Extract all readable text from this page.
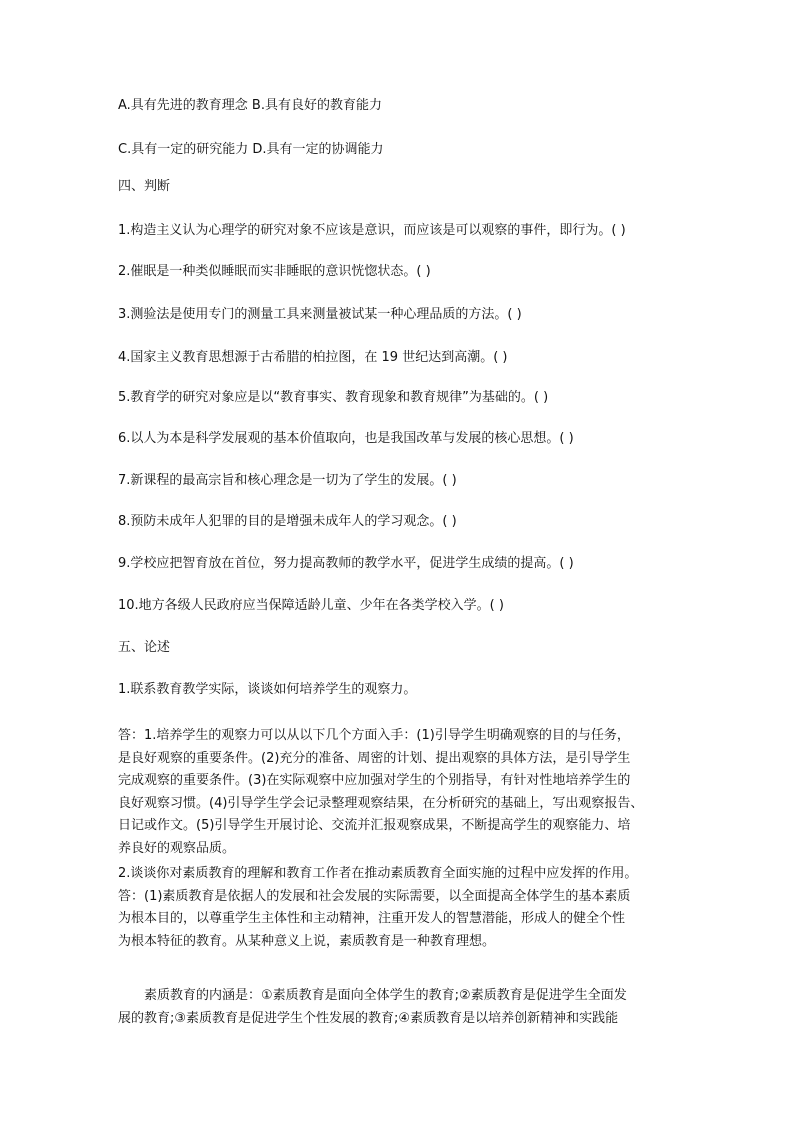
A.具有先进的教育理念 B.具有良好的教育能力
C.具有一定的研究能力 D.具有一定的协调能力
四、判断
1.构造主义认为心理学的研究对象不应该是意识，而应该是可以观察的事件，即行为。( )
2.催眠是一种类似睡眠而实非睡眠的意识恍惚状态。( )
3.测验法是使用专门的测量工具来测量被试某一种心理品质的方法。( )
4.国家主义教育思想源于古希腊的柏拉图，在 19 世纪达到高潮。( )
5.教育学的研究对象应是以“教育事实、教育现象和教育规律”为基础的。( )
6.以人为本是科学发展观的基本价值取向，也是我国改革与发展的核心思想。( )
7.新课程的最高宗旨和核心理念是一切为了学生的发展。( )
8.预防未成年人犯罪的目的是增强未成年人的学习观念。( )
9.学校应把智育放在首位，努力提高教师的教学水平，促进学生成绩的提高。( )
10.地方各级人民政府应当保障适龄儿童、少年在各类学校入学。( )
五、论述
1.联系教育教学实际，谈谈如何培养学生的观察力。
答：1.培养学生的观察力可以从以下几个方面入手：(1)引导学生明确观察的目的与任务，
是良好观察的重要条件。(2)充分的准备、周密的计划、提出观察的具体方法，是引导学生
完成观察的重要条件。(3)在实际观察中应加强对学生的个别指导，有针对性地培养学生的
良好观察习惯。(4)引导学生学会记录整理观察结果，在分析研究的基础上，写出观察报告、
日记或作文。(5)引导学生开展讨论、交流并汇报观察成果，不断提高学生的观察能力、培
养良好的观察品质。
2.谈谈你对素质教育的理解和教育工作者在推动素质教育全面实施的过程中应发挥的作用。
答：(1)素质教育是依据人的发展和社会发展的实际需要，以全面提高全体学生的基本素质
为根本目的，以尊重学生主体性和主动精神，注重开发人的智慧潜能，形成人的健全个性
为根本特征的教育。从某种意义上说，素质教育是一种教育理想。
　　素质教育的内涵是：①素质教育是面向全体学生的教育;②素质教育是促进学生全面发
展的教育;③素质教育是促进学生个性发展的教育;④素质教育是以培养创新精神和实践能
